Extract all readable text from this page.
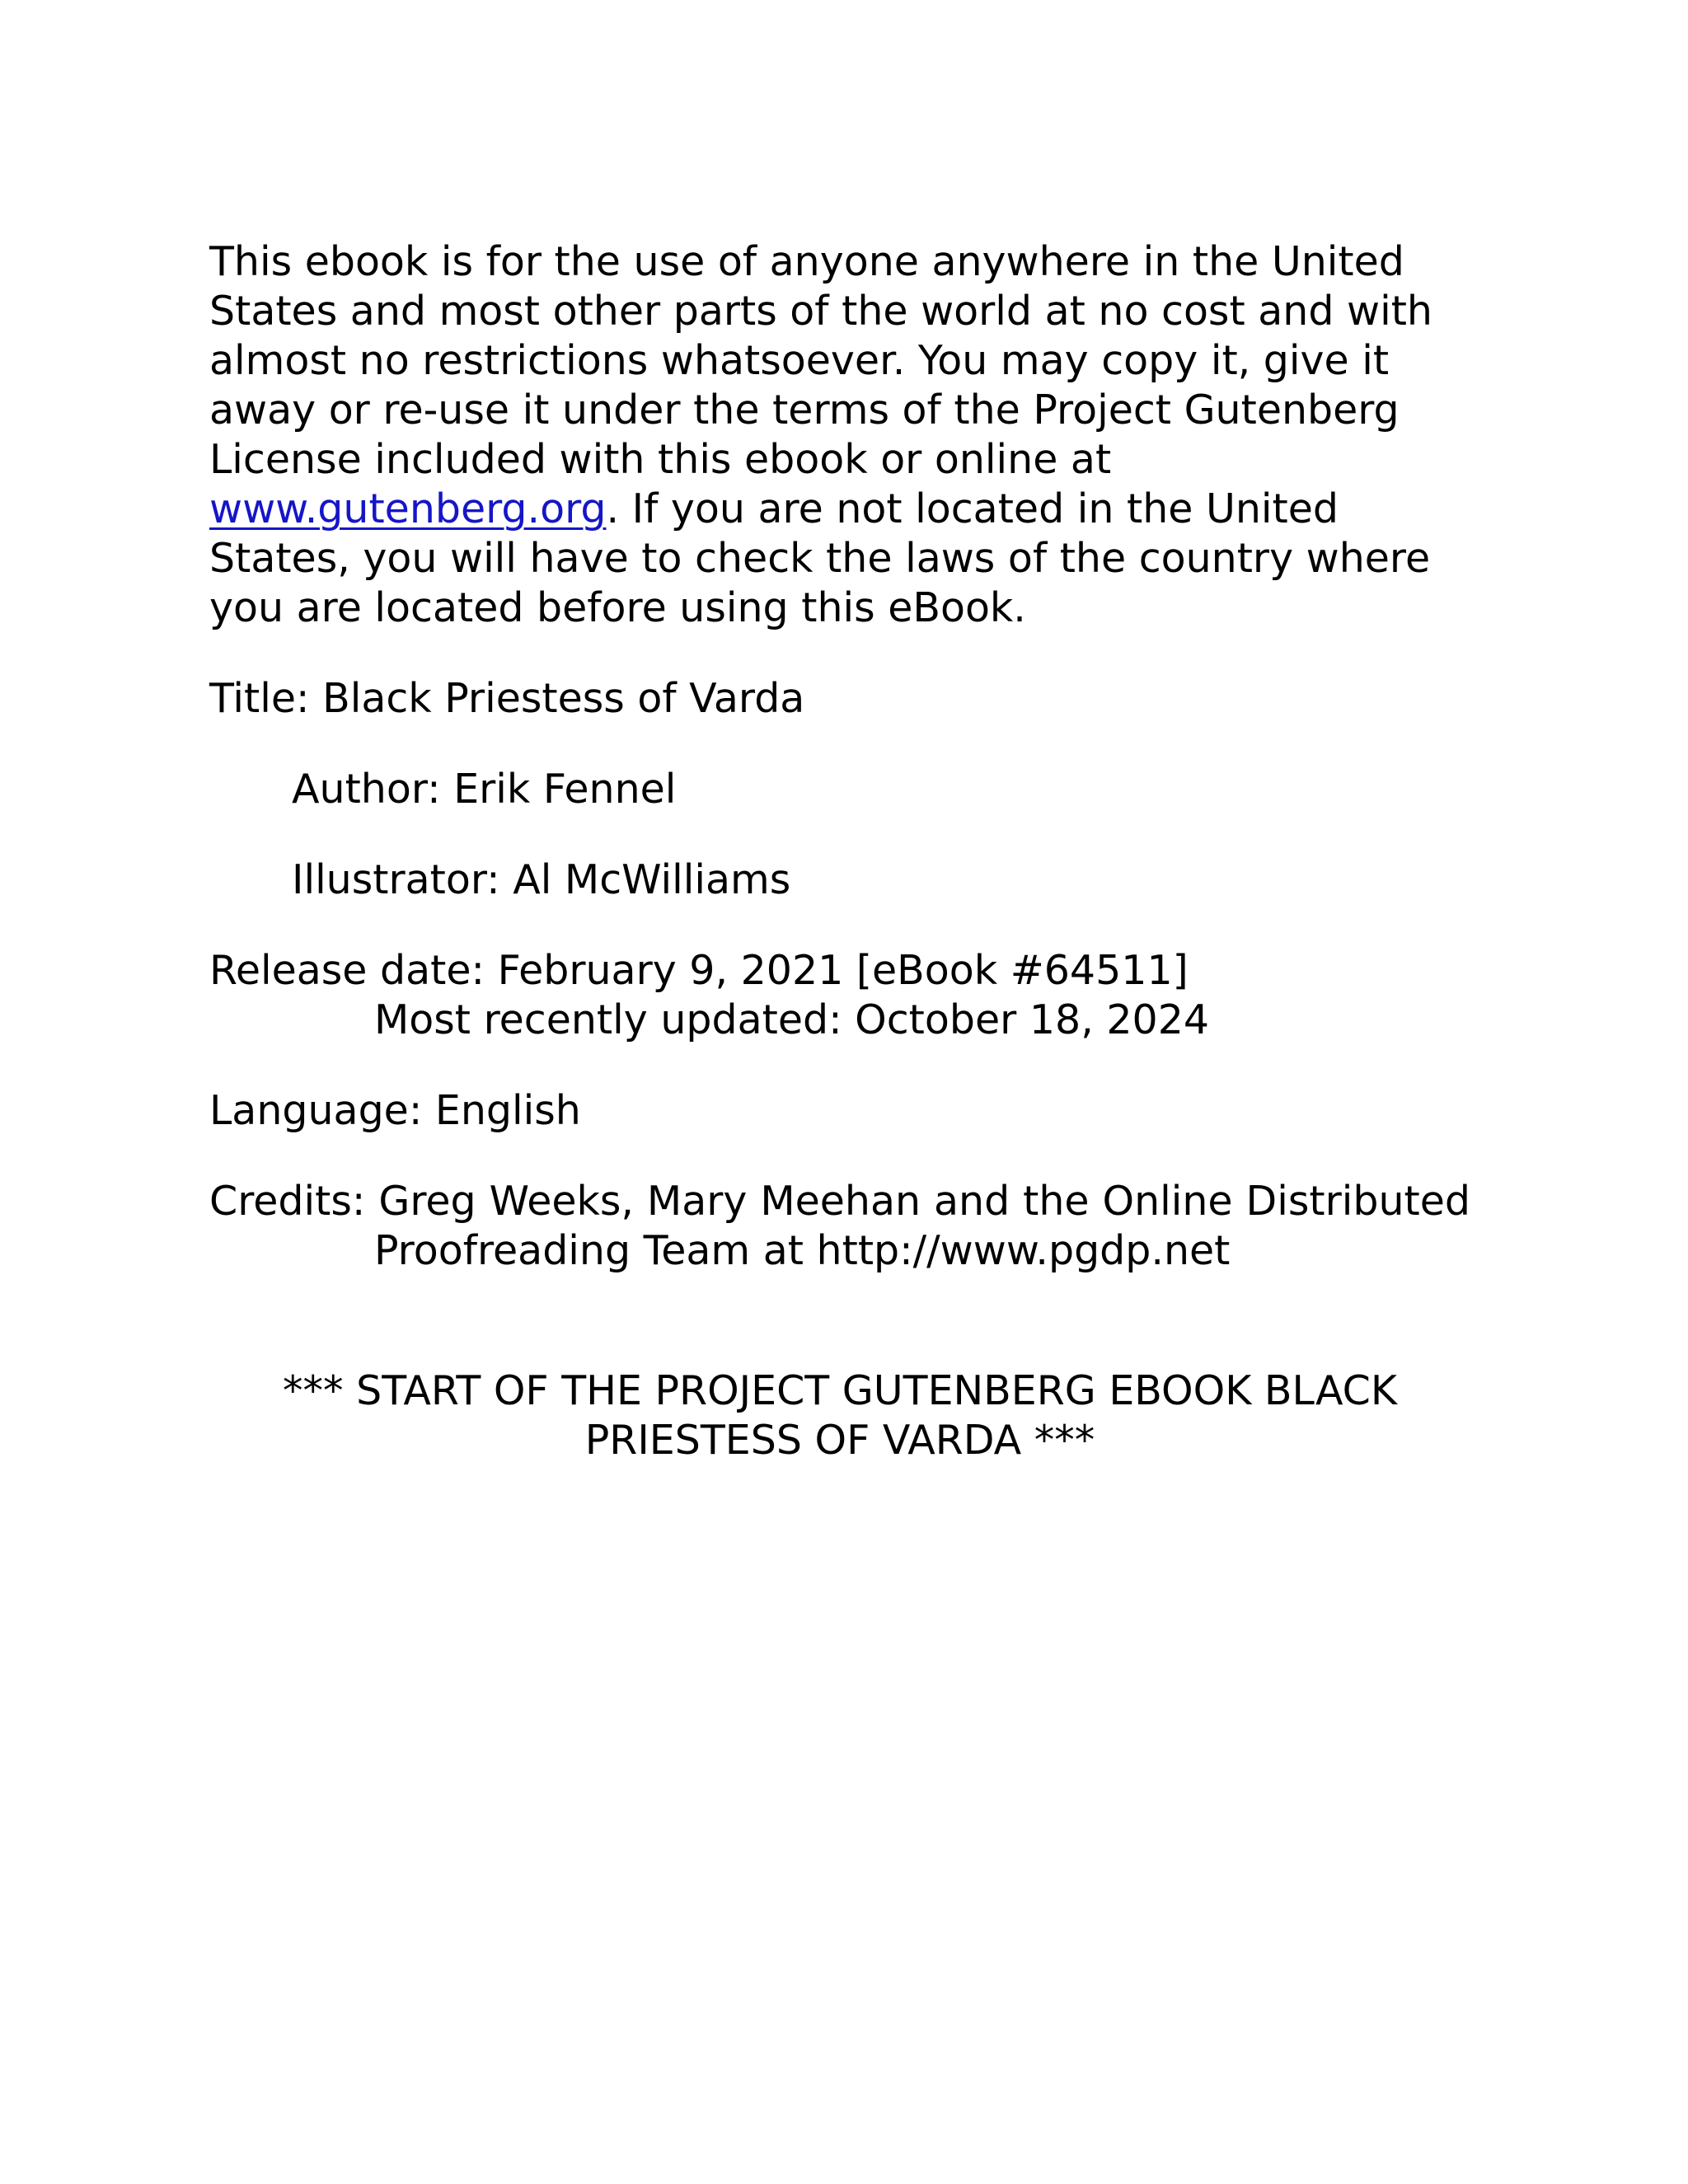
This ebook is for the use of anyone anywhere in the United States and most other parts of the world at no cost and with almost no restrictions whatsoever. You may copy it, give it away or re-use it under the terms of the Project Gutenberg License included with this ebook or online at www.gutenberg.org. If you are not located in the United States, you will have to check the laws of the country where you are located before using this eBook.

Title: Black Priestess of Varda

Author: Erik Fennel

Illustrator: Al McWilliams

Release date: February 9, 2021 [eBook #64511]
Most recently updated: October 18, 2024

Language: English

Credits: Greg Weeks, Mary Meehan and the Online Distributed
Proofreading Team at http://www.pgdp.net
*** START OF THE PROJECT GUTENBERG EBOOK BLACK
PRIESTESS OF VARDA ***
